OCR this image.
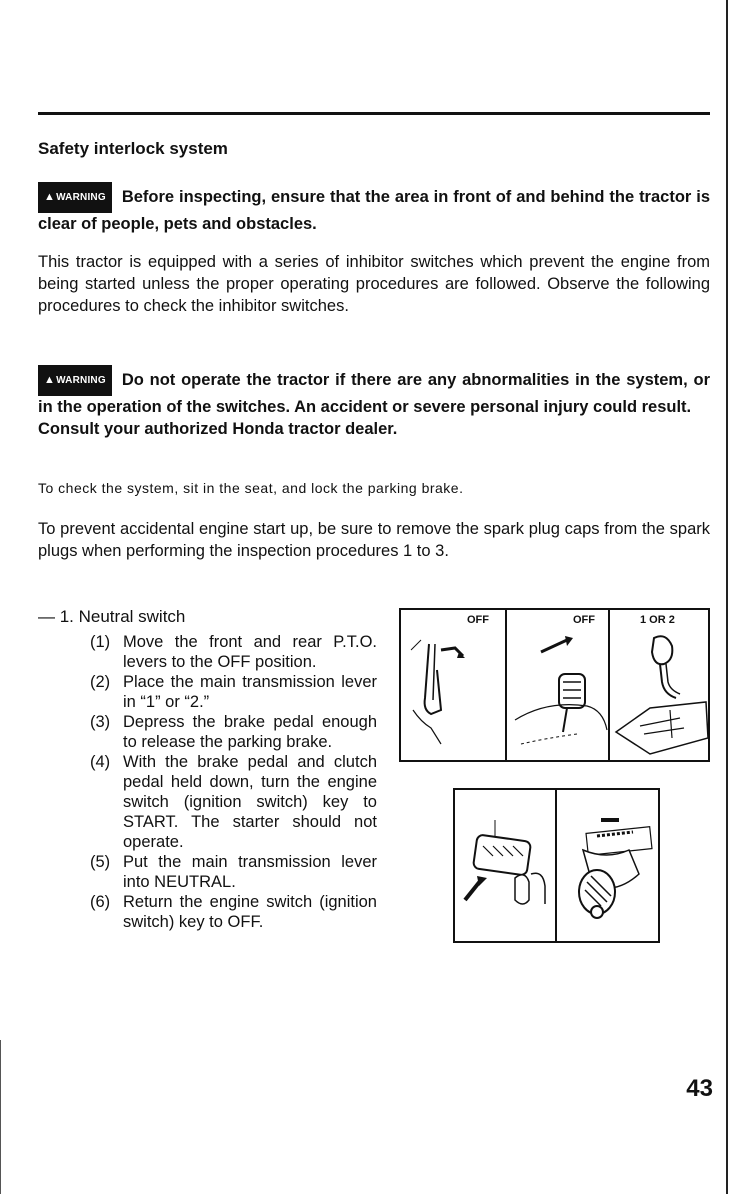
Safety interlock system
▲WARNING Before inspecting, ensure that the area in front of and behind the tractor is clear of people, pets and obstacles.
This tractor is equipped with a series of inhibitor switches which prevent the engine from being started unless the proper operating procedures are followed. Observe the following procedures to check the inhibitor switches.
▲WARNING Do not operate the tractor if there are any abnormalities in the system, or in the operation of the switches. An accident or severe personal injury could result.
Consult your authorized Honda tractor dealer.
To check the system, sit in the seat, and lock the parking brake.
To prevent accidental engine start up, be sure to remove the spark plug caps from the spark plugs when performing the inspection procedures 1 to 3.
— 1. Neutral switch
(1) Move the front and rear P.T.O. levers to the OFF position.
(2) Place the main transmission lever in “1” or “2.”
(3) Depress the brake pedal enough to release the parking brake.
(4) With the brake pedal and clutch pedal held down, turn the engine switch (ignition switch) key to START. The starter should not operate.
(5) Put the main transmission lever into NEUTRAL.
(6) Return the engine switch (ignition switch) key to OFF.
OFF	OFF	1 OR 2
43
